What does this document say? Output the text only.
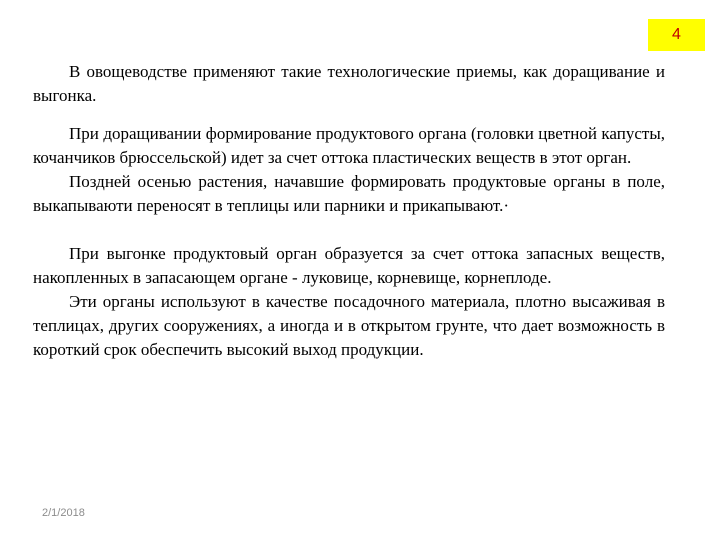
4

В овощеводстве применяют такие технологические приемы, как доращивание и выгонка.

При доращивании формирование продуктового органа (головки цветной капусты, кочанчиков брюссельской) идет за счет оттока пластических веществ в этот орган.

Поздней осенью растения, начавшие формировать продуктовые органы в поле, выкапываюти переносят в теплицы или парники и прикапывают.·

При выгонке продуктовый орган образуется за счет оттока запасных веществ, накопленных в запасающем органе - луковице, корневище, корнеплоде.

Эти органы используют в качестве посадочного материала, плотно высаживая в теплицах, других сооружениях, а иногда и в открытом грунте, что дает возможность в короткий срок обеспечить высокий выход продукции.

2/1/2018
